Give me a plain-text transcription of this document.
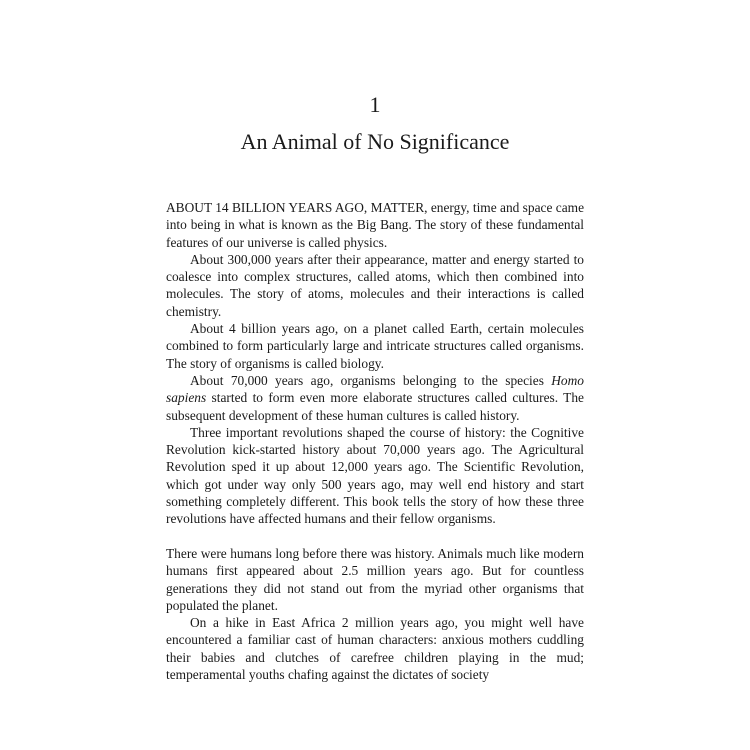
1
An Animal of No Significance

ABOUT 14 BILLION YEARS AGO, MATTER, energy, time and space came into being in what is known as the Big Bang. The story of these fundamental features of our universe is called physics.

About 300,000 years after their appearance, matter and energy started to coalesce into complex structures, called atoms, which then combined into molecules. The story of atoms, molecules and their interactions is called chemistry.

About 4 billion years ago, on a planet called Earth, certain molecules combined to form particularly large and intricate structures called organisms. The story of organisms is called biology.

About 70,000 years ago, organisms belonging to the species Homo sapiens started to form even more elaborate structures called cultures. The subsequent development of these human cultures is called history.

Three important revolutions shaped the course of history: the Cognitive Revolution kick-started history about 70,000 years ago. The Agricultural Revolution sped it up about 12,000 years ago. The Scientific Revolution, which got under way only 500 years ago, may well end history and start something completely different. This book tells the story of how these three revolutions have affected humans and their fellow organisms.

There were humans long before there was history. Animals much like modern humans first appeared about 2.5 million years ago. But for countless generations they did not stand out from the myriad other organisms that populated the planet.

On a hike in East Africa 2 million years ago, you might well have encountered a familiar cast of human characters: anxious mothers cuddling their babies and clutches of carefree children playing in the mud; temperamental youths chafing against the dictates of society
